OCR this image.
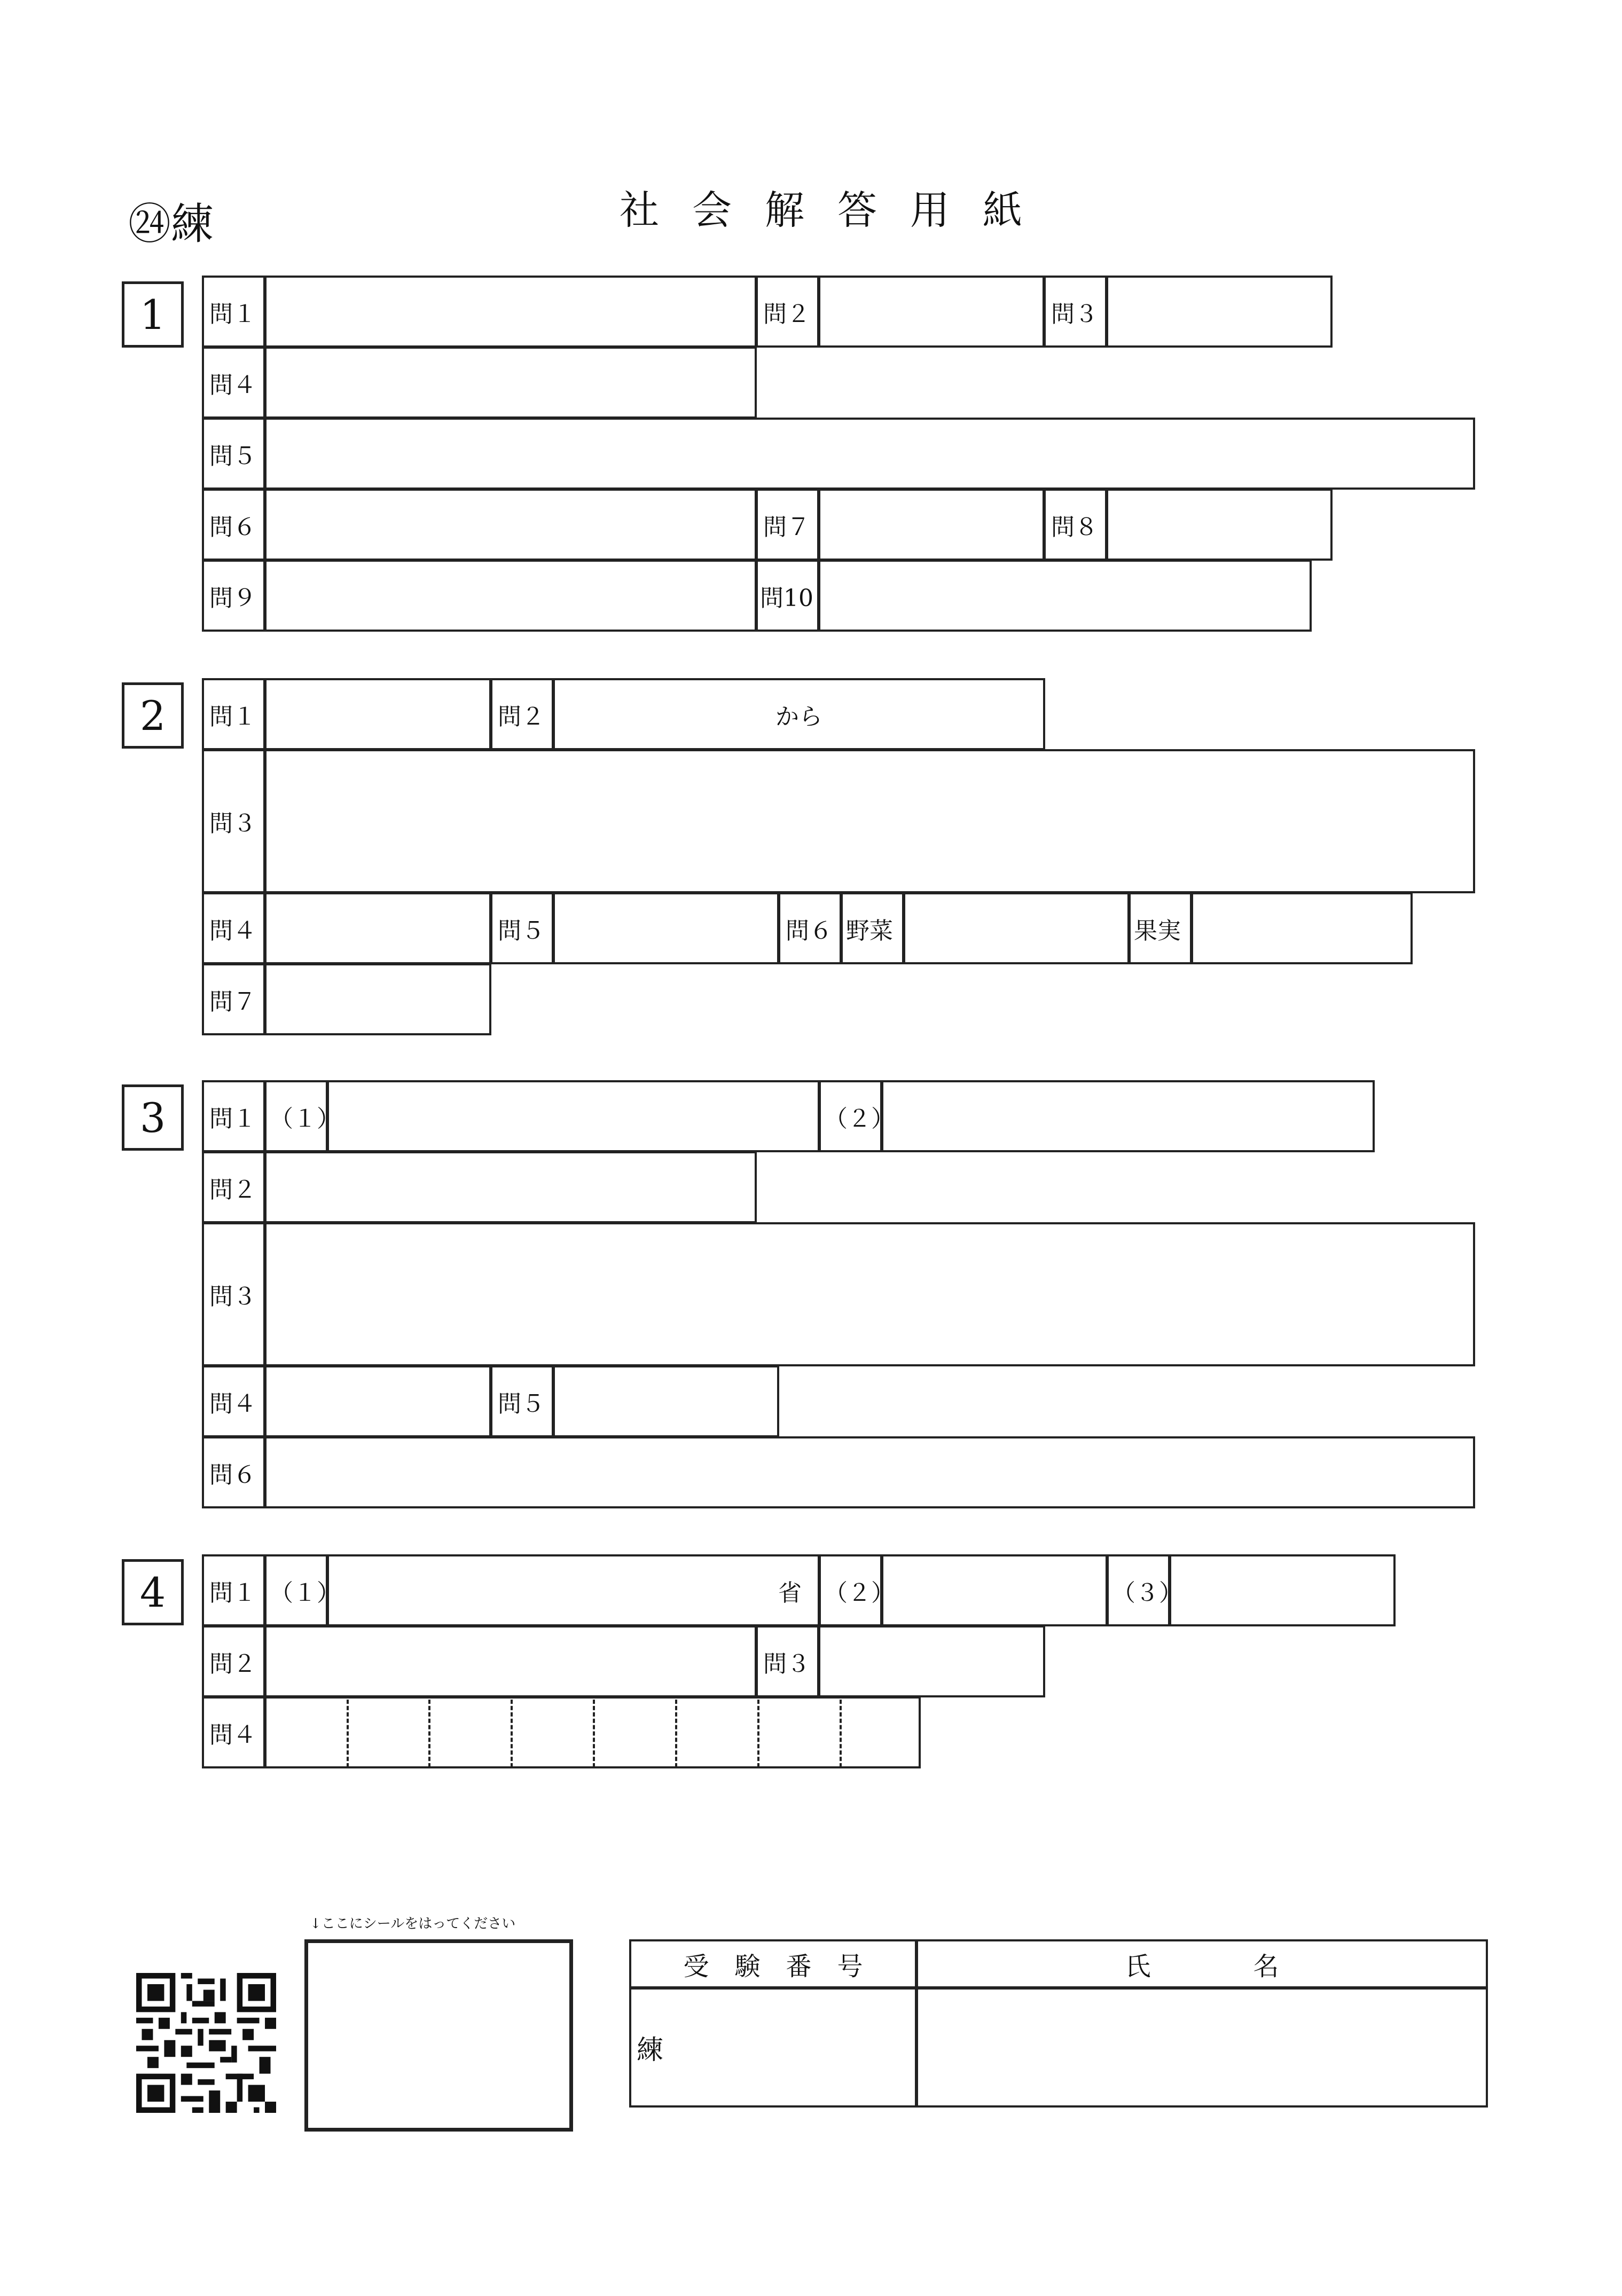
㉔練	社会解答用紙
1	問１	問２	問３
問４
問５
問６	問７	問８
問９	問10
2	問１	問２	から
問３
問４	問５	問６ 野菜	果実
問７
3	問１ （１）	（２）
問２
問３
問４	問５
問６
4	問１ （１）	省 （２）	（３）
問２	問３
問４
↓ここにシールをはってください
受　験　番　号	氏　　　　名
練
